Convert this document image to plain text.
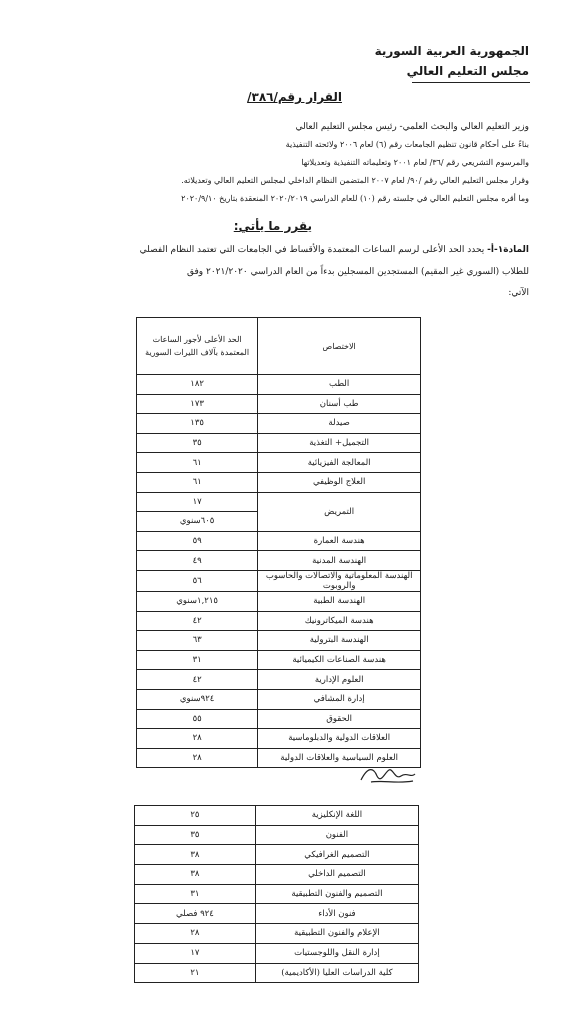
الجمهورية العربية السورية
مجلس التعليم العالي
القرار رقم/٣٨٦/
وزير التعليم العالي والبحث العلمي- رئيس مجلس التعليم العالي
بناءً على أحكام قانون تنظيم الجامعات رقم (٦) لعام ٢٠٠٦ ولائحته التنفيذية
والمرسوم التشريعي رقم /٣٦/ لعام ٢٠٠١ وتعليماته التنفيذية وتعديلاتها
وقرار مجلس التعليم العالي رقم /٩٠/ لعام ٢٠٠٧ المتضمن النظام الداخلي لمجلس التعليم العالي وتعديلاته.
وما أقره مجلس التعليم العالي في جلسته رقم (١٠) للعام الدراسي ٢٠٢٠/٢٠١٩ المنعقدة بتاريخ ٢٠٢٠/٩/١٠
يقرر ما يأتي:
المادة١-أ- يحدد الحد الأعلى لرسم الساعات المعتمدة والأقساط في الجامعات التي تعتمد النظام الفصلي
للطلاب (السوري غير المقيم) المستجدين المسجلين بدءاً من العام الدراسي ٢٠٢١/٢٠٢٠ وفق
الآتي:
الاختصاص	الحد الأعلى لأجور الساعات
المعتمدة بآلاف الليرات السورية
الطب	١٨٢
طب أسنان	١٧٣
صيدلة	١٣٥
التجميل+ التغذية	٣٥
المعالجة الفيزيائية	٦١
العلاج الوظيفي	٦١
التمريض	١٧
	٦٠٥سنوي
هندسة العمارة	٥٩
الهندسة المدنية	٤٩
الهندسة المعلوماتية والاتصالات والحاسوب والروبوت	٥٦
الهندسة الطبية	١,٢١٥سنوي
هندسة الميكاترونيك	٤٢
الهندسة البترولية	٦٣
هندسة الصناعات الكيميائية	٣١
العلوم الإدارية	٤٢
إدارة المشافي	٩٢٤سنوي
الحقوق	٥٥
العلاقات الدولية والدبلوماسية	٢٨
العلوم السياسية والعلاقات الدولية	٢٨
اللغة الإنكليزية	٢٥
الفنون	٣٥
التصميم الغرافيكي	٣٨
التصميم الداخلي	٣٨
التصميم والفنون التطبيقية	٣١
فنون الأداء	٩٢٤ فصلي
الإعلام والفنون التطبيقية	٢٨
إدارة النقل واللوجستيات	١٧
كلية الدراسات العليا (الأكاديمية)	٢١
